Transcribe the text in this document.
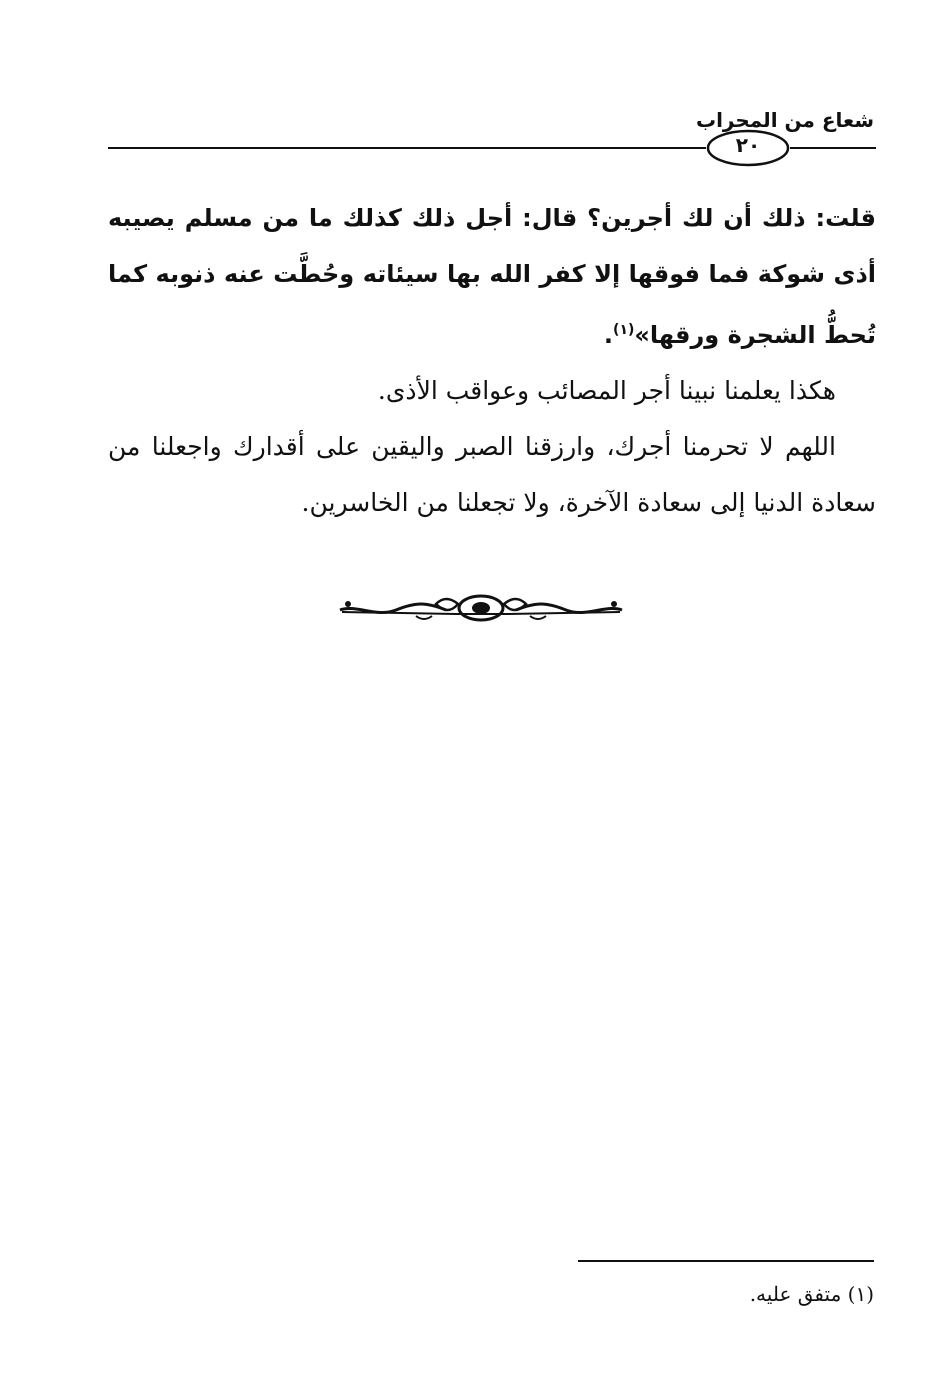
شعاع من المحراب
٢٠

قلت: ذلك أن لك أجرين؟ قال: أجل ذلك كذلك ما من مسلم يصيبه أذى شوكة فما فوقها إلا كفر الله بها سيئاته وحُطَّت عنه ذنوبه كما تُحطُّ الشجرة ورقها»$^{(١)}$.

هكذا يعلمنا نبينا أجر المصائب وعواقب الأذى.

اللهم لا تحرمنا أجرك، وارزقنا الصبر واليقين على أقدارك واجعلنا من سعادة الدنيا إلى سعادة الآخرة، ولا تجعلنا من الخاسرين.

(١) متفق عليه.
